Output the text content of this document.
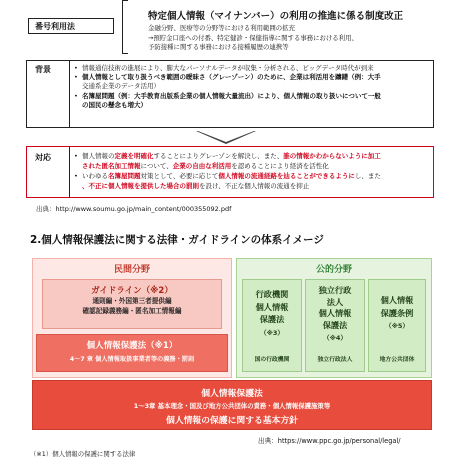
番号利用法
特定個人情報（マイナンバー）の利用の推進に係る制度改正
金融分野、医療等の分野等における利用範囲の拡充
→預貯金口座への付番、特定健診・保健指導に関する事務における利用、
予防接種に関する事務における接種履歴の連携等
背景	• 情報通信技術の進展により、膨大なパーソナルデータが収集・分析される、ビッグデータ時代が到来
• 個人情報として取り扱うべき範囲の曖昧さ（グレーゾーン）のために、企業は利活用を躊躇（例：大手
交通系企業のデータ活用）
• 名簿屋問題（例：大手教育出版系企業の個人情報大量流出）により、個人情報の取り扱いについて一般
の国民の懸念も増大）
対応	• 個人情報の定義を明確化することによりグレーゾンを解決し、また、誰の情報かわからないように加工
された匿名加工情報について、企業の自由な利活用を認めることにより経済を活性化
• いわゆる名簿屋問題対策として、必要に応じて個人情報の流通経路を辿ることができるようにし、また
、不正に個人情報を提供した場合の罰則を設け、不正な個人情報の流通を抑止
出典：http://www.soumu.go.jp/main_content/000355092.pdf
2.個人情報保護法に関する法律・ガイドラインの体系イメージ
民間分野
ガイドライン（※2）
通則編・外国第三者提供編
確認記録義務編・匿名加工情報編
個人情報保護法（※1）
4〜7 章 個人情報取扱事業者等の義務・罰則
公的分野
行政機関
個人情報
保護法
（※3）
国の行政機関
独立行政
法人
個人情報
保護法
（※4）
独立行政法人
個人情報
保護条例
（※5）
地方公共団体
個人情報保護法
1〜3章 基本理念・国及び地方公共団体の責務・個人情報保護施策等
個人情報の保護に関する基本方針
出典：https://www.ppc.go.jp/personal/legal/
（※1）個人情報の保護に関する法律
